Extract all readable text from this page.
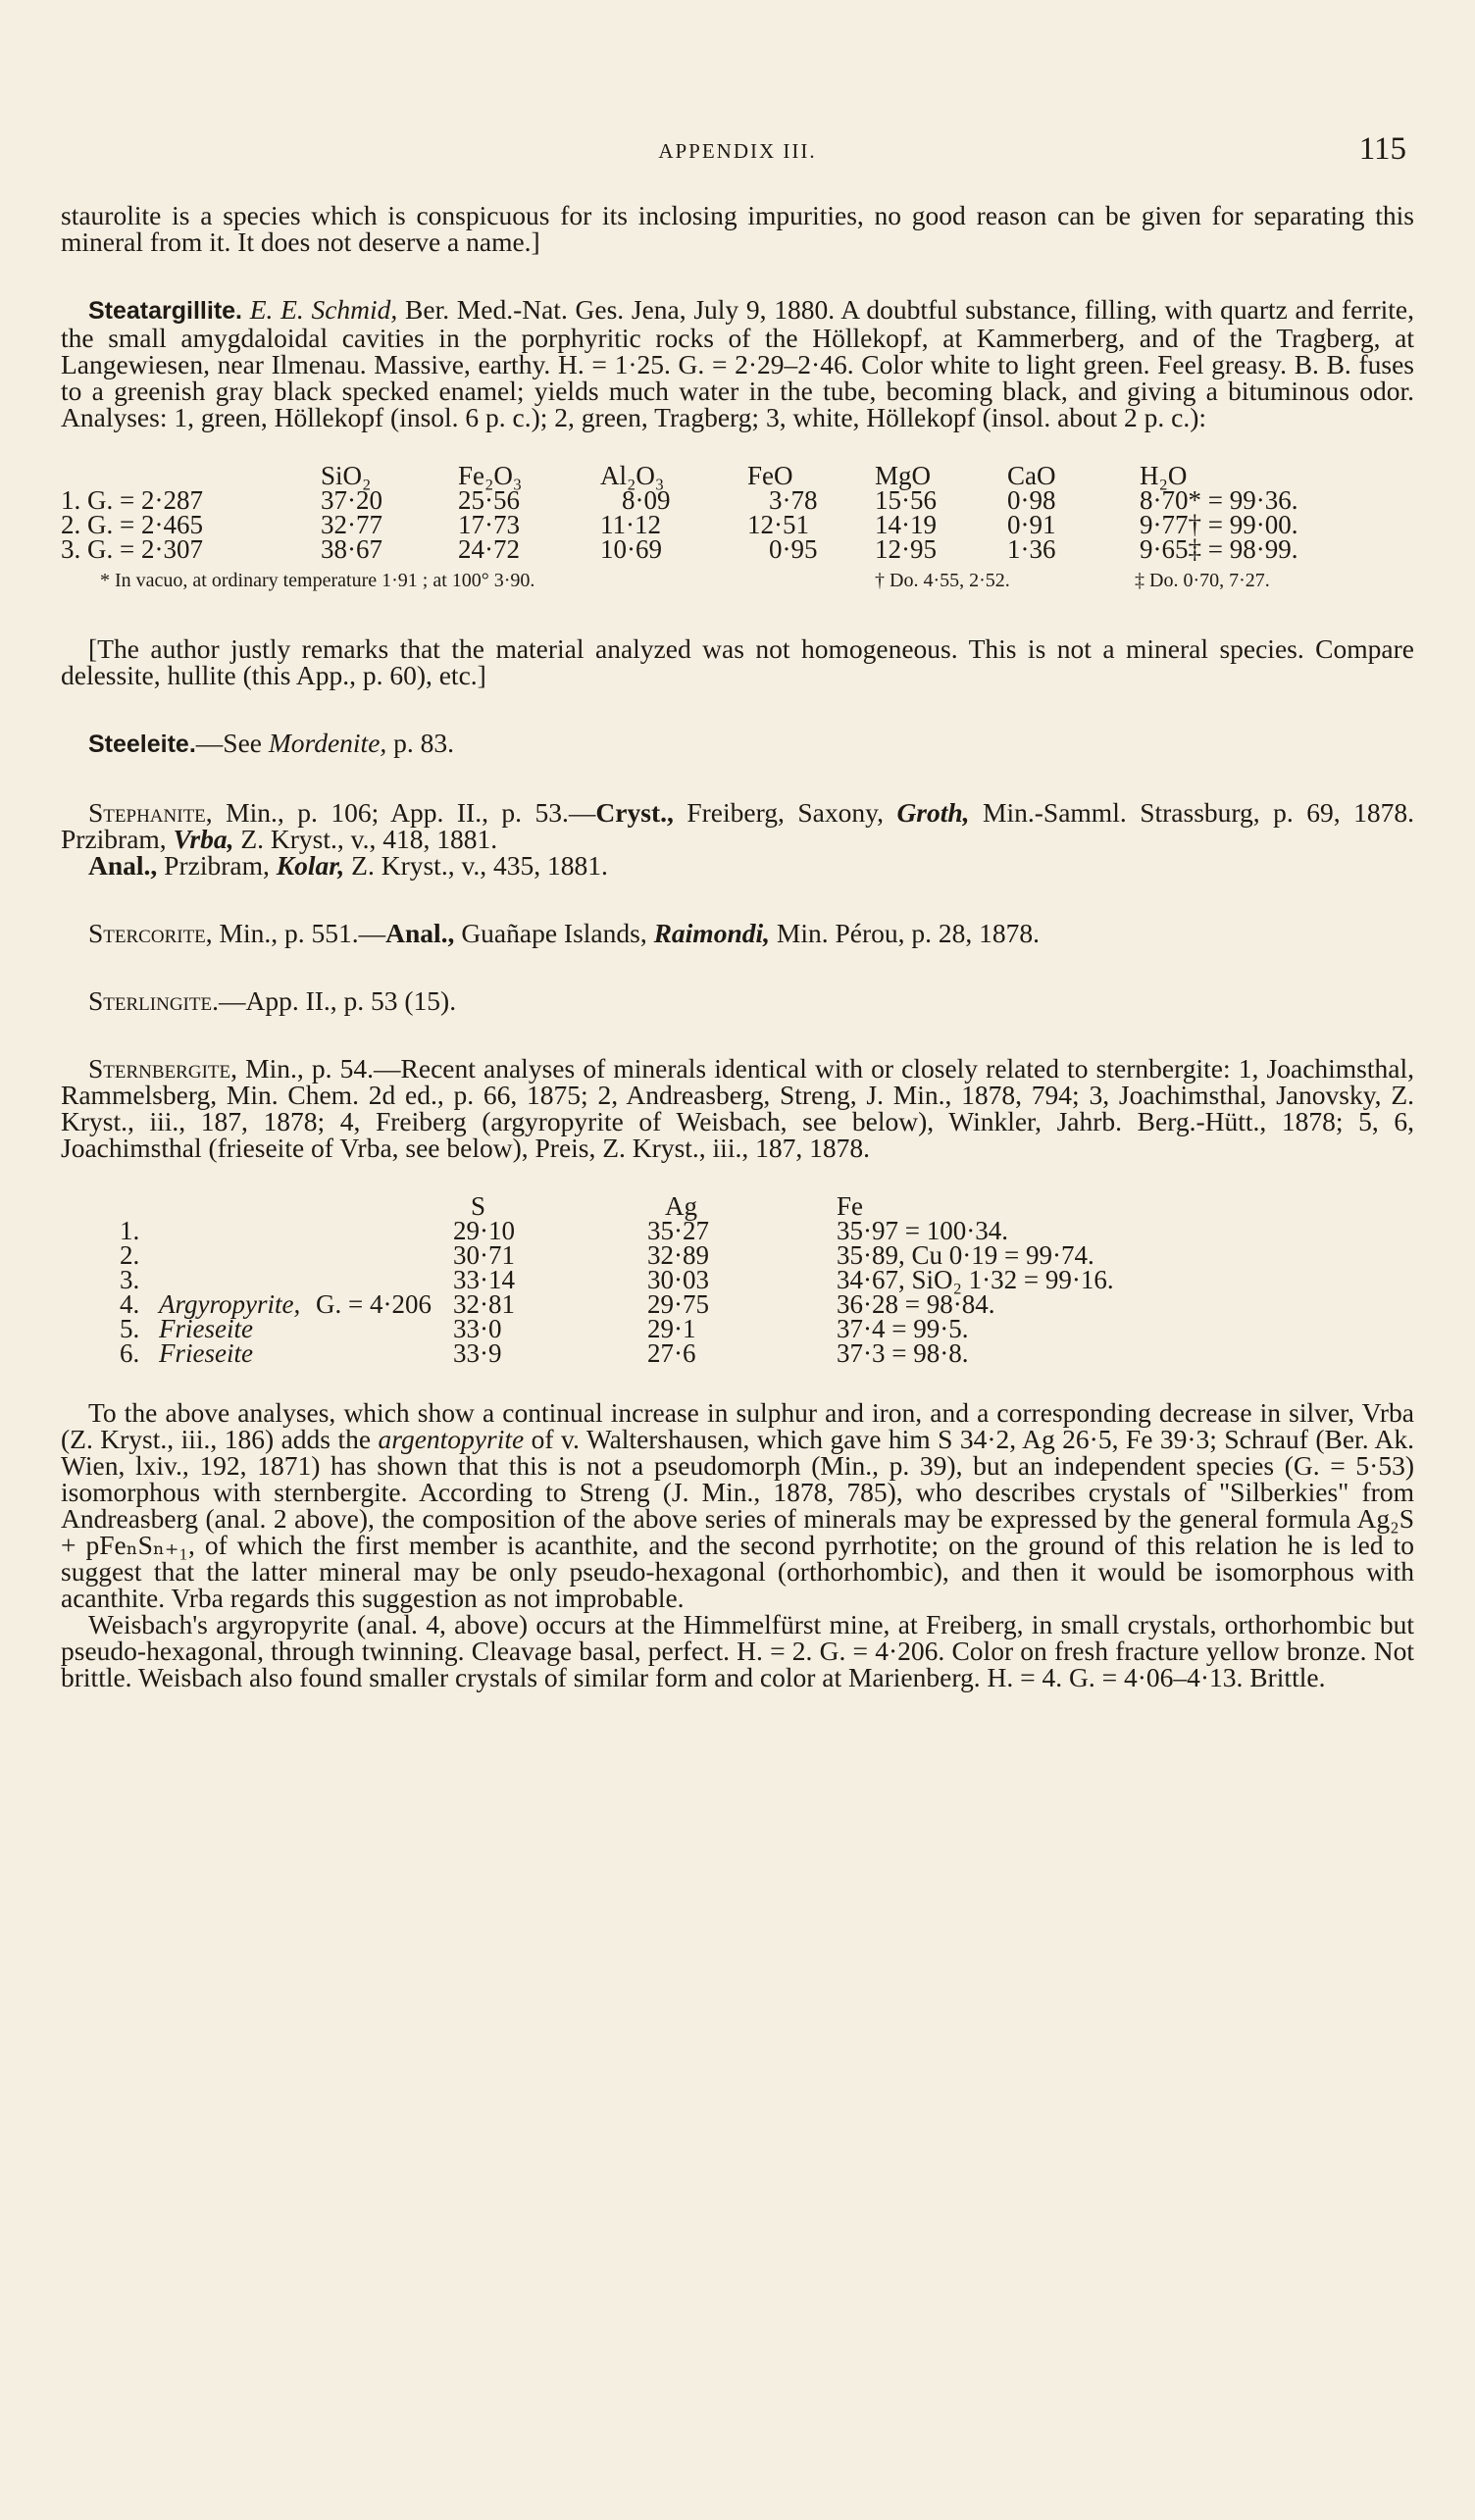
APPENDIX III.	115

staurolite is a species which is conspicuous for its inclosing impurities, no good reason can be given for separating this mineral from it. It does not deserve a name.]

Steatargillite. E. E. Schmid, Ber. Med.-Nat. Ges. Jena, July 9, 1880. A doubtful substance, filling, with quartz and ferrite, the small amygdaloidal cavities in the porphyritic rocks of the Höllekopf, at Kammerberg, and of the Tragberg, at Langewiesen, near Ilmenau. Massive, earthy. H. = 1·25. G. = 2·29–2·46. Color white to light green. Feel greasy. B. B. fuses to a greenish gray black specked enamel; yields much water in the tube, becoming black, and giving a bituminous odor. Analyses: 1, green, Höllekopf (insol. 6 p. c.); 2, green, Tragberg; 3, white, Höllekopf (insol. about 2 p. c.):

	SiO₂	Fe₂O₃	Al₂O₃	FeO	MgO	CaO	H₂O
1. G. = 2·287	37·20	25·56	8·09	3·78	15·56	0·98	8·70* = 99·36.
2. G. = 2·465	32·77	17·73	11·12	12·51	14·19	0·91	9·77† = 99·00.
3. G. = 2·307	38·67	24·72	10·69	0·95	12·95	1·36	9·65‡ = 98·99.
* In vacuo, at ordinary temperature 1·91 ; at 100° 3·90.	† Do. 4·55, 2·52.	‡ Do. 0·70, 7·27.

[The author justly remarks that the material analyzed was not homogeneous. This is not a mineral species. Compare delessite, hullite (this App., p. 60), etc.]

Steeleite.—See Mordenite, p. 83.

Stephanite, Min., p. 106; App. II., p. 53.—Cryst., Freiberg, Saxony, Groth, Min.-Samml. Strassburg, p. 69, 1878. Przibram, Vrba, Z. Kryst., v., 418, 1881.

Anal., Przibram, Kolar, Z. Kryst., v., 435, 1881.

Stercorite, Min., p. 551.—Anal., Guañape Islands, Raimondi, Min. Pérou, p. 28, 1878.

Sterlingite.—App. II., p. 53 (15).

Sternbergite, Min., p. 54.—Recent analyses of minerals identical with or closely related to sternbergite: 1, Joachimsthal, Rammelsberg, Min. Chem. 2d ed., p. 66, 1875; 2, Andreasberg, Streng, J. Min., 1878, 794; 3, Joachimsthal, Janovsky, Z. Kryst., iii., 187, 1878; 4, Freiberg (argyropyrite of Weisbach, see below), Winkler, Jahrb. Berg.-Hütt., 1878; 5, 6, Joachimsthal (frieseite of Vrba, see below), Preis, Z. Kryst., iii., 187, 1878.

			S	Ag	Fe
1.			29·10	35·27	35·97 = 100·34.
2.			30·71	32·89	35·89, Cu 0·19 = 99·74.
3.			33·14	30·03	34·67, SiO₂ 1·32 = 99·16.
4.	Argyropyrite,	G. = 4·206	32·81	29·75	36·28 = 98·84.
5.	Frieseite		33·0	29·1	37·4 = 99·5.
6.	Frieseite		33·9	27·6	37·3 = 98·8.

To the above analyses, which show a continual increase in sulphur and iron, and a corresponding decrease in silver, Vrba (Z. Kryst., iii., 186) adds the argentopyrite of v. Waltershausen, which gave him S 34·2, Ag 26·5, Fe 39·3; Schrauf (Ber. Ak. Wien, lxiv., 192, 1871) has shown that this is not a pseudomorph (Min., p. 39), but an independent species (G. = 5·53) isomorphous with sternbergite. According to Streng (J. Min., 1878, 785), who describes crystals of "Silberkies" from Andreasberg (anal. 2 above), the composition of the above series of minerals may be expressed by the general formula Ag₂S + pFeₙSₙ₊₁, of which the first member is acanthite, and the second pyrrhotite; on the ground of this relation he is led to suggest that the latter mineral may be only pseudo-hexagonal (orthorhombic), and then it would be isomorphous with acanthite. Vrba regards this suggestion as not improbable.

Weisbach's argyropyrite (anal. 4, above) occurs at the Himmelfürst mine, at Freiberg, in small crystals, orthorhombic but pseudo-hexagonal, through twinning. Cleavage basal, perfect. H. = 2. G. = 4·206. Color on fresh fracture yellow bronze. Not brittle. Weisbach also found smaller crystals of similar form and color at Marienberg. H. = 4. G. = 4·06–4·13. Brittle.
